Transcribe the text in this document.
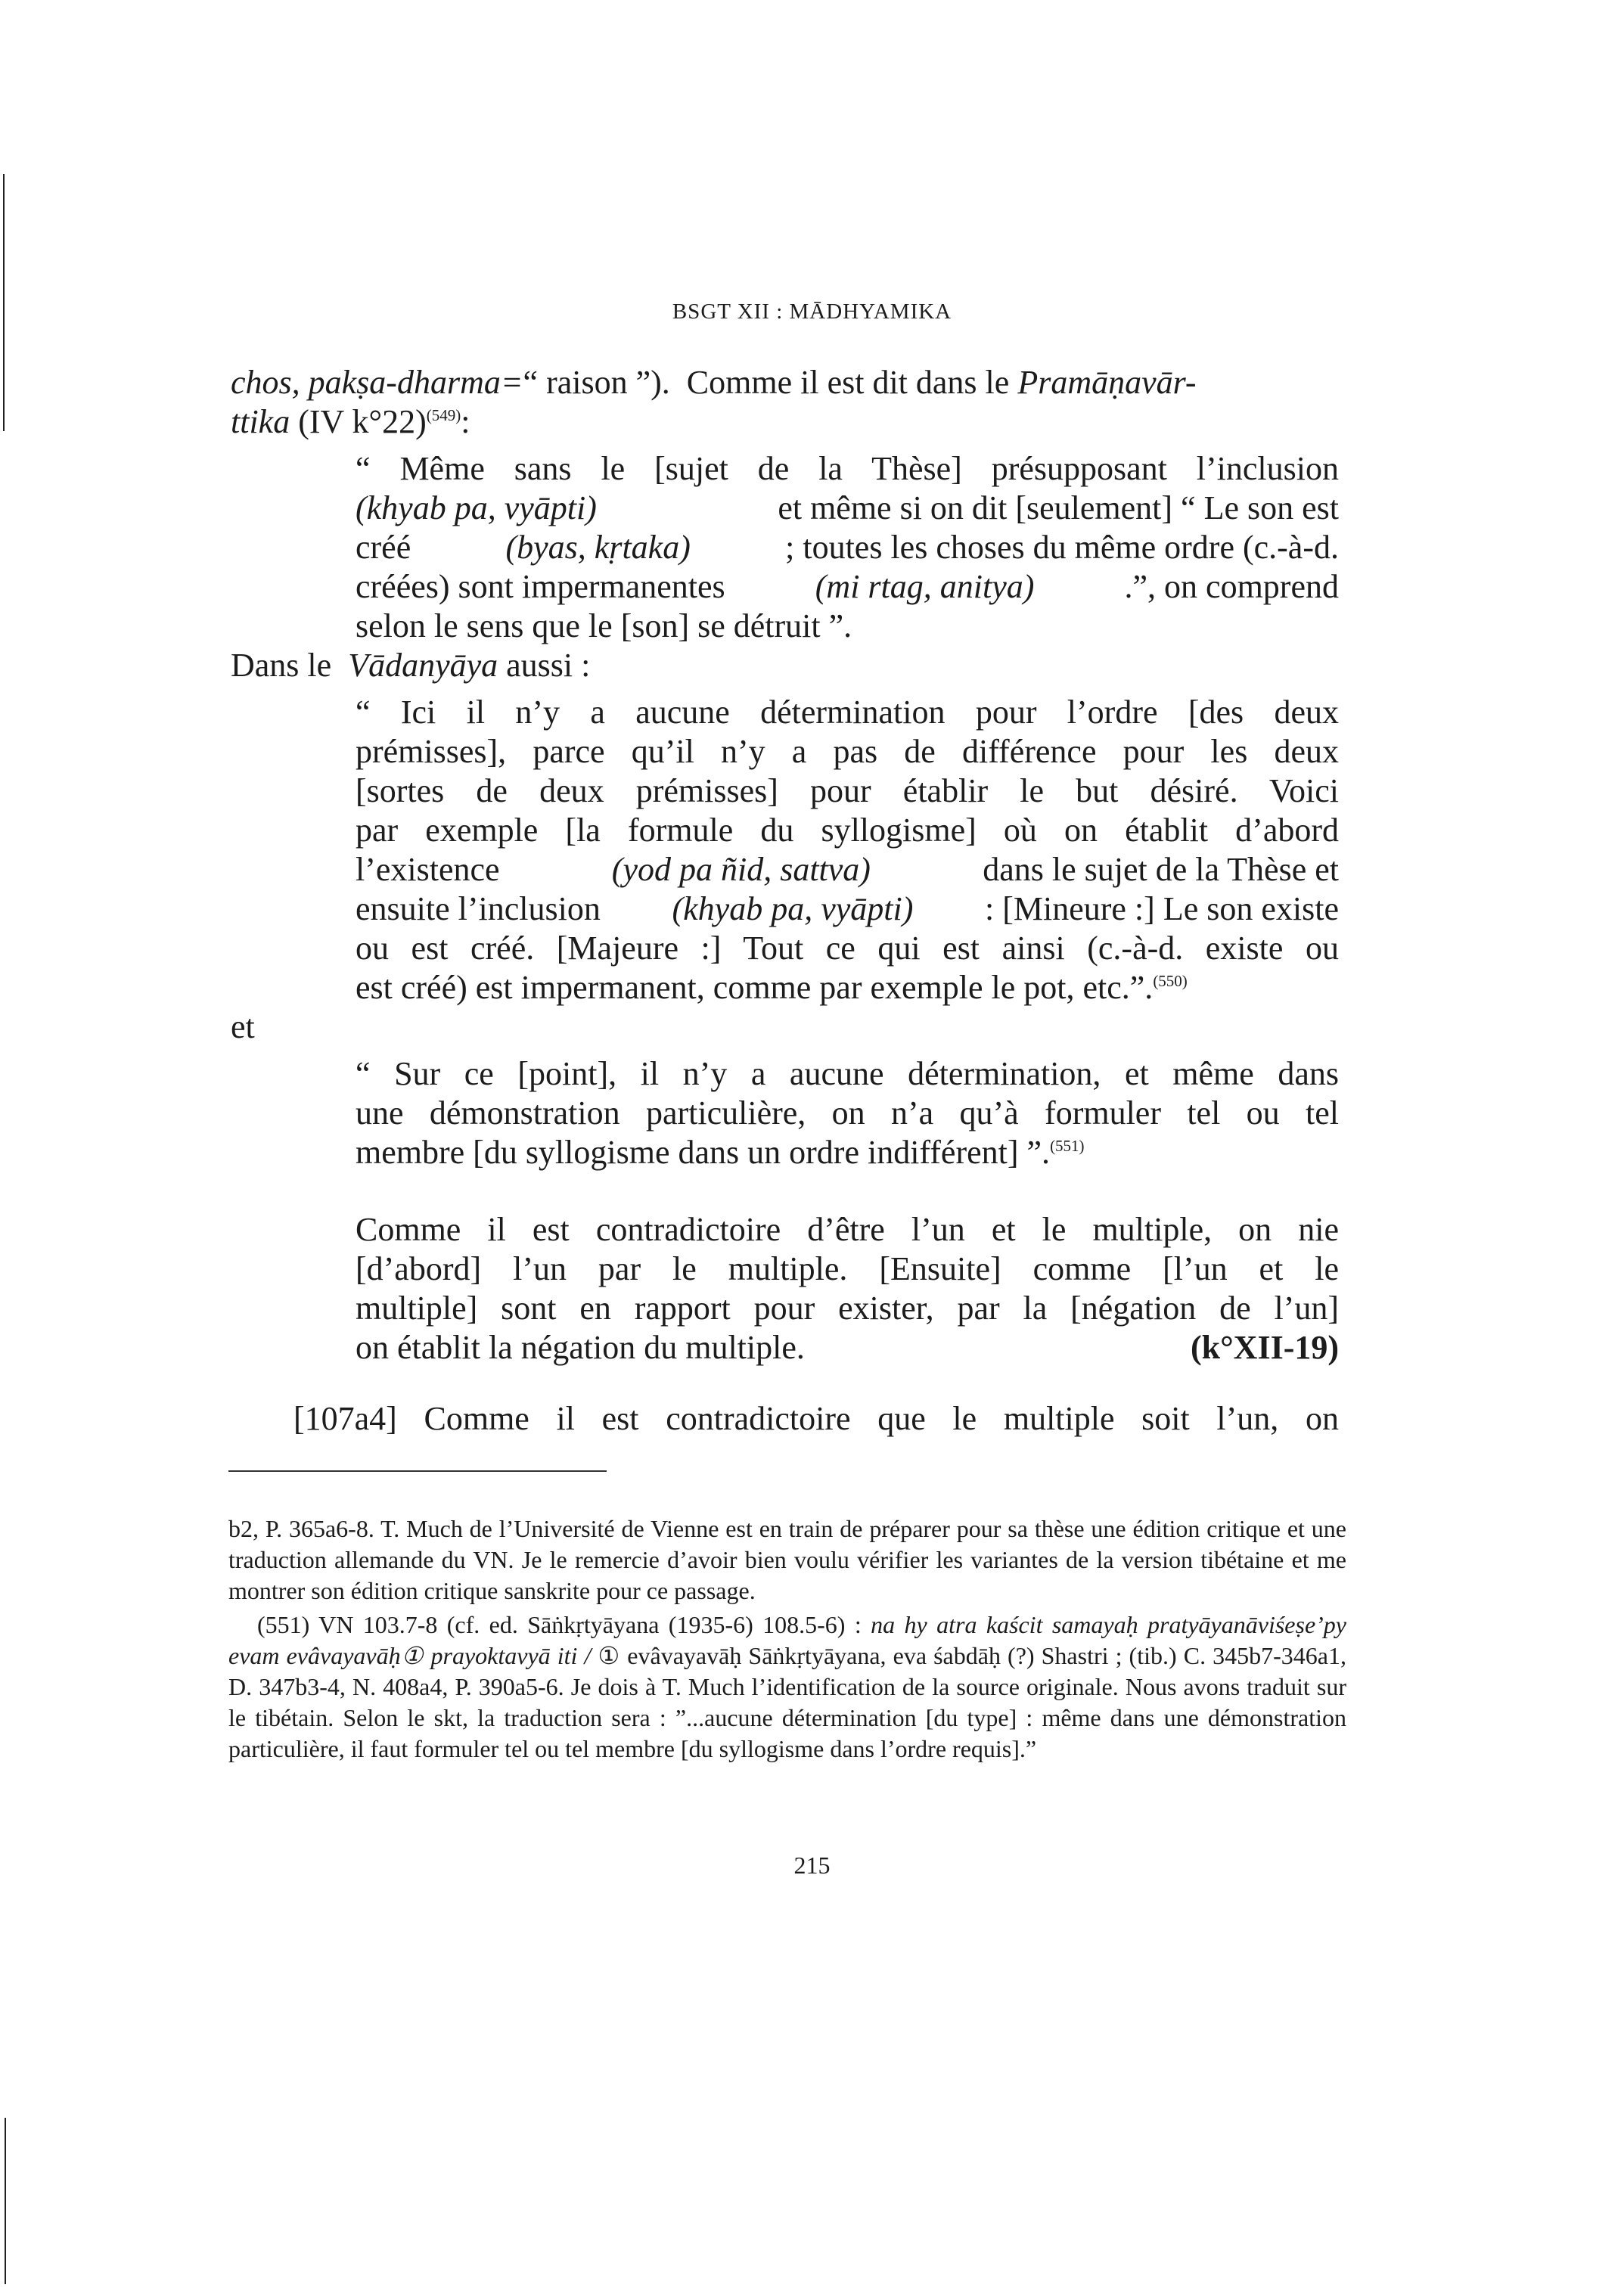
BSGT XII : MĀDHYAMIKA
chos, pakṣa-dharma=“ raison ”). Comme il est dit dans le Pramāṇavār-
ttika (IV k°22)$^{(549)}$:
“ Même sans le [sujet de la Thèse] présupposant l’inclusion
(khyab pa, vyāpti)	et même si on dit [seulement] “ Le son est
créé	(byas, kṛtaka)	; toutes les choses du même ordre (c.-à-d.
créées) sont impermanentes	(mi rtag, anitya)	.”, on comprend
selon le sens que le [son] se détruit ”.
Dans le Vādanyāya aussi :
“ Ici il n’y a aucune détermination pour l’ordre [des deux
prémisses], parce qu’il n’y a pas de différence pour les deux
[sortes de deux prémisses] pour établir le but désiré. Voici
par exemple [la formule du syllogisme] où on établit d’abord
l’existence	(yod pa ñid, sattva)	dans le sujet de la Thèse et
ensuite l’inclusion (khyab pa, vyāpti) : [Mineure :] Le son existe
ou est créé. [Majeure :] Tout ce qui est ainsi (c.-à-d. existe ou
est créé) est impermanent, comme par exemple le pot, etc.”.$^{(550)}$
et
“ Sur ce [point], il n’y a aucune détermination, et même dans
une démonstration particulière, on n’a qu’à formuler tel ou tel
membre [du syllogisme dans un ordre indifférent] ”.$^{(551)}$
Comme il est contradictoire d’être l’un et le multiple, on nie
[d’abord] l’un par le multiple. [Ensuite] comme [l’un et le
multiple] sont en rapport pour exister, par la [négation de l’un]
on établit la négation du multiple.	(k°XII-19)
[107a4] Comme il est contradictoire que le multiple soit l’un, on

b2, P. 365a6-8. T. Much de l’Université de Vienne est en train de préparer pour sa thèse une édition critique et une traduction allemande du VN. Je le remercie d’avoir bien voulu vérifier les variantes de la version tibétaine et me montrer son édition critique sanskrite pour ce passage.

(551) VN 103.7-8 (cf. ed. Sāṅkṛtyāyana (1935-6) 108.5-6) : na hy atra kaścit samayaḥ pratyāyanāviśeṣe’py evam evâvayavāḥ① prayoktavyā iti / ① evâvayavāḥ Sāṅkṛtyāyana, eva śabdāḥ (?) Shastri ; (tib.) C. 345b7-346a1, D. 347b3-4, N. 408a4, P. 390a5-6. Je dois à T. Much l’identification de la source originale. Nous avons traduit sur le tibétain. Selon le skt, la traduction sera : ”...aucune détermination [du type] : même dans une démonstration particulière, il faut formuler tel ou tel membre [du syllogisme dans l’ordre requis].”

215
